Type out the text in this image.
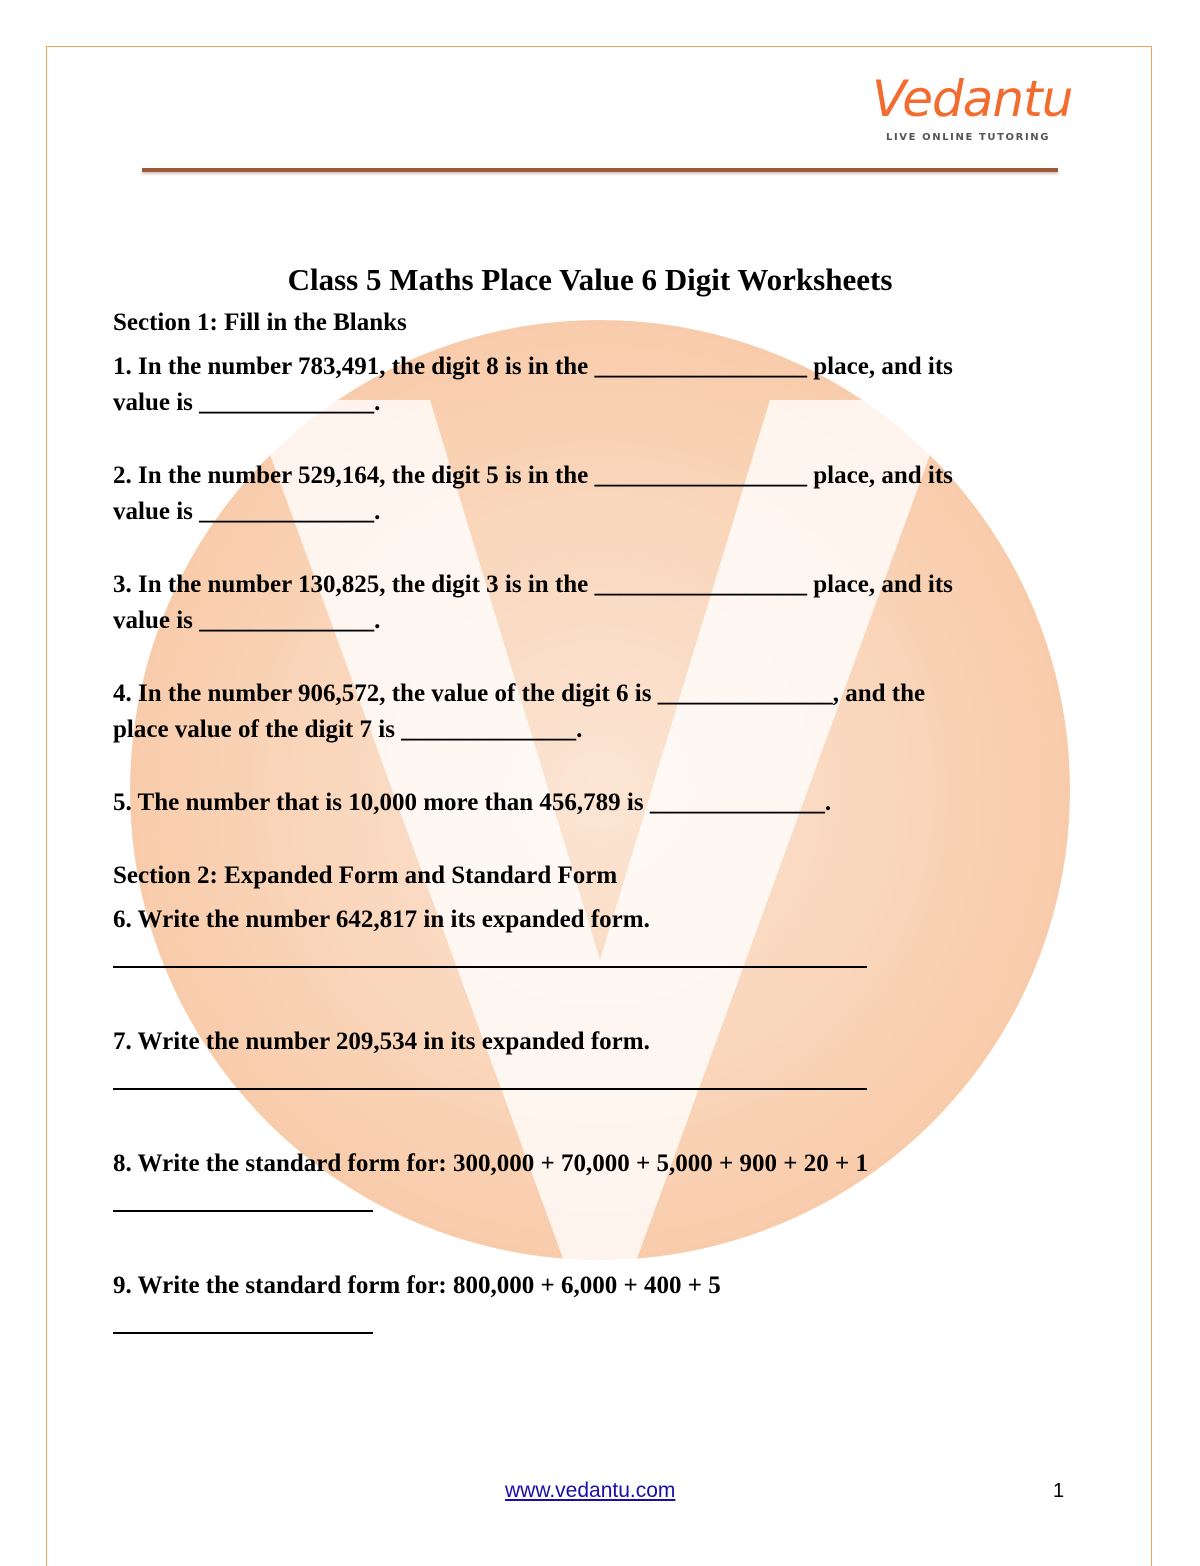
Vedantu
LIVE ONLINE TUTORING
Class 5 Maths Place Value 6 Digit Worksheets

Section 1: Fill in the Blanks

1. In the number 783,491, the digit 8 is in the _________________ place, and its

value is ______________.

2. In the number 529,164, the digit 5 is in the _________________ place, and its

value is ______________.

3. In the number 130,825, the digit 3 is in the _________________ place, and its

value is ______________.

4. In the number 906,572, the value of the digit 6 is ______________, and the

place value of the digit 7 is ______________.

5. The number that is 10,000 more than 456,789 is ______________.

Section 2: Expanded Form and Standard Form

6. Write the number 642,817 in its expanded form.

7. Write the number 209,534 in its expanded form.

8. Write the standard form for: 300,000 + 70,000 + 5,000 + 900 + 20 + 1

9. Write the standard form for: 800,000 + 6,000 + 400 + 5

www.vedantu.com	1
